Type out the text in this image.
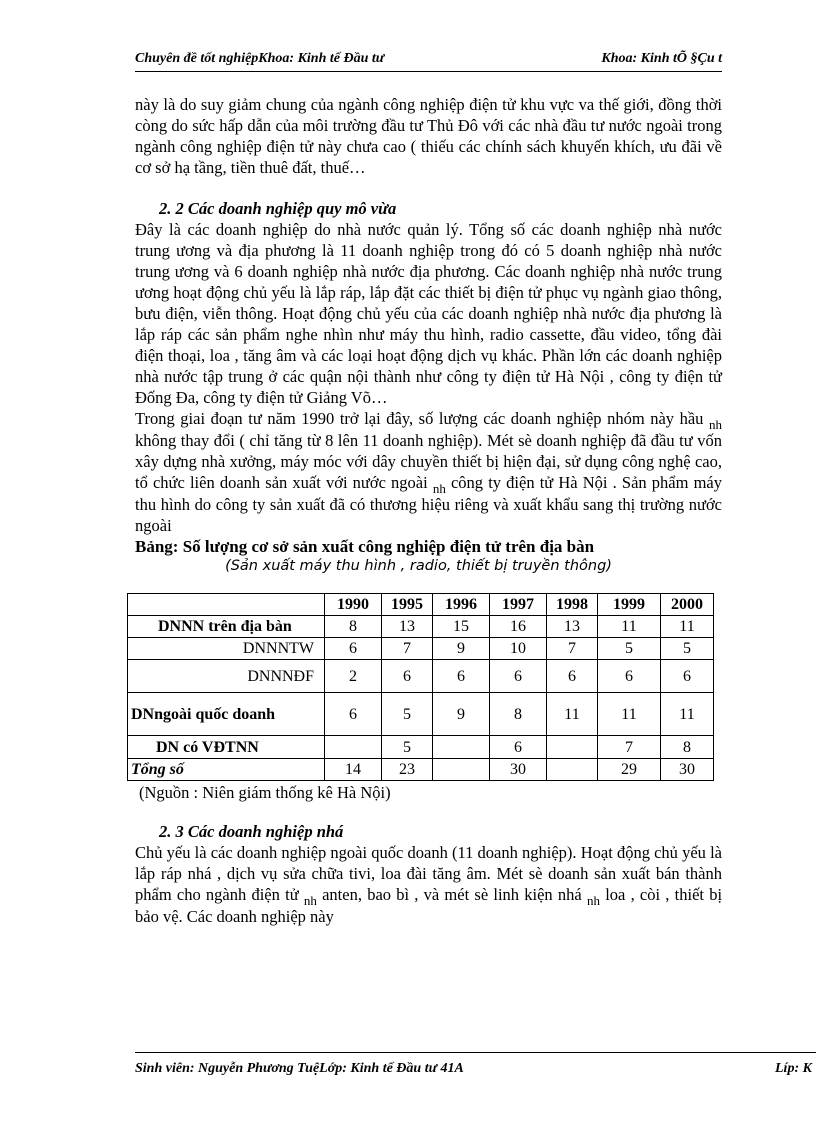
Chuyên đề tốt nghiệpKhoa: Kinh tế Đầu tư	Khoa: Kinh tÕ §Çu t

này là do suy giảm chung của ngành công nghiệp điện tử khu vực va thế giới, đồng thời còng do sức hấp dẫn của môi trường đầu tư Thủ Đô với các nhà đầu tư nước ngoài trong ngành công nghiệp điện tử này chưa cao ( thiếu các chính sách khuyến khích, ưu đãi về cơ sở hạ tầng, tiền thuê đất, thuế…

2. 2 Các doanh nghiệp quy mô vừa

Đây là các doanh nghiệp do nhà nước quản lý. Tổng số các doanh nghiệp nhà nước trung ương và địa phương là 11 doanh nghiệp trong đó có 5 doanh nghiệp nhà nước trung ương và 6 doanh nghiệp nhà nước địa phương. Các doanh nghiệp nhà nước trung ương hoạt động chủ yếu là lắp ráp, lắp đặt các thiết bị điện tử phục vụ ngành giao thông, bưu điện, viễn thông. Hoạt động chủ yếu của các doanh nghiệp nhà nước địa phương là lắp ráp các sản phẩm nghe nhìn như máy thu hình, radio cassette, đầu video, tổng đài điện thoại, loa , tăng âm và các loại hoạt động dịch vụ khác. Phần lớn các doanh nghiệp nhà nước tập trung ở các quận nội thành như công ty điện tử Hà Nội , công ty điện tử Đống Đa, công ty điện tử Giảng Võ…

Trong giai đoạn tư năm 1990 trở lại đây, số lượng các doanh nghiệp nhóm này hầu $_{nh}$ không thay đổi ( chỉ tăng từ 8 lên 11 doanh nghiệp). Mét sè doanh nghiệp đã đầu tư vốn xây dựng nhà xưởng, máy móc với dây chuyền thiết bị hiện đại, sử dụng công nghệ cao, tổ chức liên doanh sản xuất với nước ngoài $_{nh}$ công ty điện tử Hà Nội . Sản phẩm máy thu hình do công ty sản xuất đã có thương hiệu riêng và xuất khẩu sang thị trường nước ngoài

Bảng: Số lượng cơ sở sản xuất công nghiệp điện tử trên địa bàn
(Sản xuất máy thu hình , radio, thiết bị truyền thông)
	1990	1995	1996	1997	1998	1999	2000
DNNN trên địa bàn	8	13	15	16	13	11	11
DNNNTW	6	7	9	10	7	5	5
DNNNĐF	2	6	6	6	6	6	6
DNngoài quốc doanh	6	5	9	8	11	11	11
DN có VĐTNN		5		6		7	8
Tổng số	14	23		30		29	30
(Nguồn : Niên giám thống kê Hà Nội)
2. 3 Các doanh nghiệp nhá

Chủ yếu là các doanh nghiệp ngoài quốc doanh (11 doanh nghiệp). Hoạt động chủ yếu là lắp ráp nhá , dịch vụ sửa chữa tivi, loa đài tăng âm. Mét sè doanh sản xuất bán thành phẩm cho ngành điện tử $_{nh}$ anten, bao bì , và mét sè linh kiện nhá $_{nh}$ loa , còi , thiết bị bảo vệ. Các doanh nghiệp này

Sinh viên: Nguyễn Phương TuệLớp: Kinh tế Đầu tư 41A	Líp: K
